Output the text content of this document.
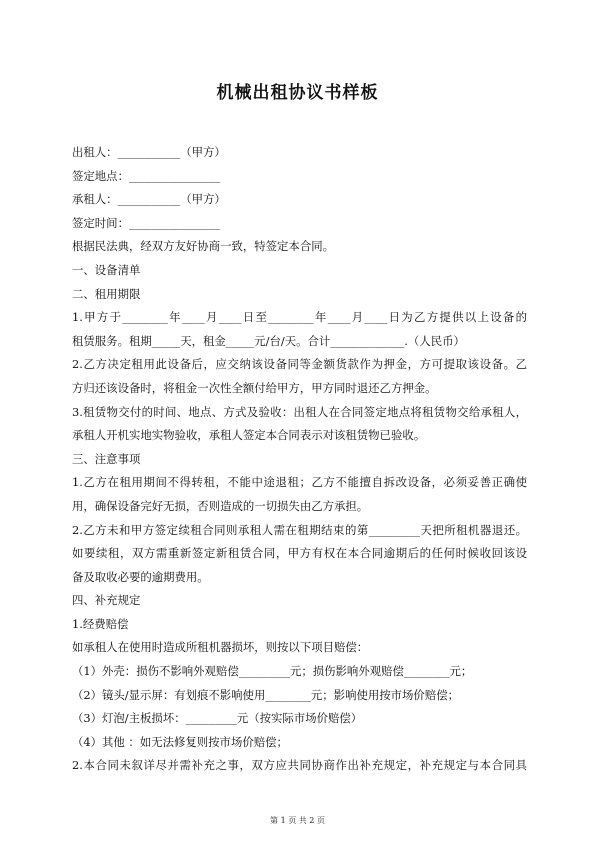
机械出租协议书样板
出租人：___________（甲方）
签定地点：________________
承租人：___________（甲方）
签定时间：________________
根据民法典，经双方友好协商一致，特签定本合同。
一、设备清单
二、租用期限
1.甲方于________年____月____日至________年____月____日为乙方提供以上设备的
租赁服务。租期_____天，租金_____元/台/天。合计_____________.（人民币）
2.乙方决定租用此设备后，应交纳该设备同等金额货款作为押金，方可提取该设备。乙
方归还该设备时，将租金一次性全额付给甲方，甲方同时退还乙方押金。
3.租赁物交付的时间、地点、方式及验收：出租人在合同签定地点将租赁物交给承租人，
承租人开机实地实物验收，承租人签定本合同表示对该租赁物已验收。
三、注意事项
1.乙方在租用期间不得转租，不能中途退租；乙方不能擅自拆改设备，必须妥善正确使
用，确保设备完好无损，否则造成的一切损失由乙方承担。
2.乙方未和甲方签定续租合同则承租人需在租期结束的第_________天把所租机器退还。
如要续租，双方需重新签定新租赁合同，甲方有权在本合同逾期后的任何时候收回该设
备及取收必要的逾期费用。
四、补充规定
1.经费赔偿
如承租人在使用时造成所租机器损坏，则按以下项目赔偿：
（1）外壳：损伤不影响外观赔偿_________元；损伤影响外观赔偿________元；
（2）镜头/显示屏：有划痕不影响使用________元；影响使用按市场价赔偿；
（3）灯泡/主板损坏：_________元（按实际市场价赔偿）
（4）其他 ：如无法修复则按市场价赔偿；
2.本合同未叙详尽并需补充之事，双方应共同协商作出补充规定，补充规定与本合同具
第 1 页 共 2 页
